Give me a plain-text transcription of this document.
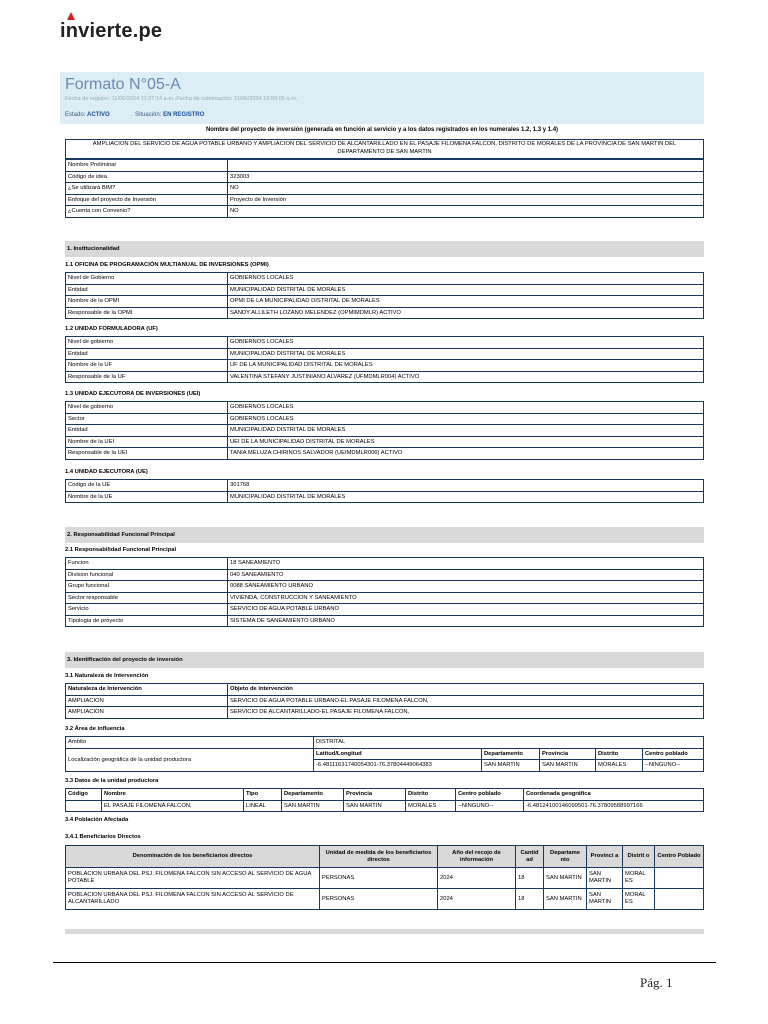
invierte.pe
Formato N°05-A
Fecha de registro: 11/06/2024 11:37:14 a.m.-Fecha de culminación: 11/06/2024 10:50:05 a.m.
Estado: ACTIVO	Situación: EN REGISTRO
Nombre del proyecto de inversión (generada en función al servicio y a los datos registrados en los numerales 1.2, 1.3 y 1.4)
AMPLIACION DEL SERVICIO DE AGUA POTABLE URBANO Y AMPLIACION DEL SERVICIO DE ALCANTARILLADO EN EL PASAJE FILOMENA FALCON, DISTRITO DE MORALES DE LA PROVINCIA DE SAN MARTIN DEL DEPARTAMENTO DE SAN MARTIN
Nombre Preliminar	
Código de idea	323003
¿Se utilizará BIM?	NO
Enfoque del proyecto de Inversión	Proyecto de Inversión
¿Cuenta con Convenio?	NO
1. Institucionalidad
1.1 OFICINA DE PROGRAMACIÓN MULTIANUAL DE INVERSIONES (OPMI)
Nivel de Gobierno	GOBIERNOS LOCALES
Entidad	MUNICIPALIDAD DISTRITAL DE MORALES
Nombre de la OPMI	OPMI DE LA MUNICIPALIDAD DISTRITAL DE MORALES
Responsable de la OPMI	SANDY ALLILETH LOZANO MELENDEZ (OPMIMDMLR) ACTIVO
1.2 UNIDAD FORMULADORA (UF)
Nivel de gobierno	GOBIERNOS LOCALES
Entidad	MUNICIPALIDAD DISTRITAL DE MORALES
Nombre de la UF	UF DE LA MUNICIPALIDAD DISTRITAL DE MORALES
Responsable de la UF	VALENTINA STEFANY JUSTINIANO ALVAREZ (UFMDMLR004) ACTIVO
1.3 UNIDAD EJECUTORA DE INVERSIONES (UEI)
Nivel de gobierno	GOBIERNOS LOCALES
Sector	GOBIERNOS LOCALES
Entidad	MUNICIPALIDAD DISTRITAL DE MORALES
Nombre de la UEI	UEI DE LA MUNICIPALIDAD DISTRITAL DE MORALES
Responsable de la UEI	TANIA MELUZA CHIRINOS SALVADOR (UEIMDMLR006) ACTIVO
1.4 UNIDAD EJECUTORA (UE)
Codigo de la UE	301768
Nombre de la UE	MUNICIPALIDAD DISTRITAL DE MORALES
2. Responsabilidad Funcional Principal
2.1 Responsabilidad Funcional Principal
Funcion	18 SANEAMIENTO
Division funcional	040 SANEAMIENTO
Grupo funcional	0088 SANEAMIENTO URBANO
Sector responsable	VIVIENDA, CONSTRUCCION Y SANEAMIENTO
Servicio	SERVICIO DE AGUA POTABLE URBANO
Tipologia de proyecto	SISTEMA DE SANEAMIENTO URBANO
3. Identificación del proyecto de inversión
3.1 Naturaleza de Intervención
Naturaleza de Intervención	Objeto de intervención
AMPLIACION	SERVICIO DE AGUA POTABLE URBANO-EL PASAJE FILOMENA FALCON,
AMPLIACION	SERVICIO DE ALCANTARILLADO-EL PASAJE FILOMENA FALCON,
3.2 Área de influencia
Ambito	DISTRITAL				
Localización geográfica de la unidad productora	Latitud/Longitud	Departamento	Provincia	Distrito	Centro poblado
	-6.48111631740054301-76.37804449064383	SAN MARTIN	SAN MARTIN	MORALES	--NINGUNO--
3.3 Datos de la unidad productora
Código	Nombre	Tipo	Departamento	Provincia	Distrito	Centro poblado	Coordenada geográfica
	EL PASAJE FILOMENA FALCON,	LINEAL	SAN MARTIN	SAN MARTIN	MORALES	--NINGUNO--	-6.48124100146099501-76.37809588997166
3.4 Población Afectada
3.4.1 Beneficiarios Directos
Denominación de los beneficiarios directos	Unidad de medida de los beneficiarios directos	Año del recojo de información	Cantid ad	Departame nto	Provinci a	Distrit o	Centro Poblado
POBLACION URBANA DEL PSJ. FILOMENA FALCON SIN ACCESO AL SERVICIO DE AGUA POTABLE	PERSONAS	2024	18	SAN MARTIN	SAN MARTIN	MORAL ES	
POBLACION URBANA DEL PSJ. FILOMENA FALCON SIN ACCESO AL SERVICIO DE ALCANTARILLADO	PERSONAS	2024	18	SAN MARTIN	SAN MARTIN	MORAL ES	
Pág. 1
